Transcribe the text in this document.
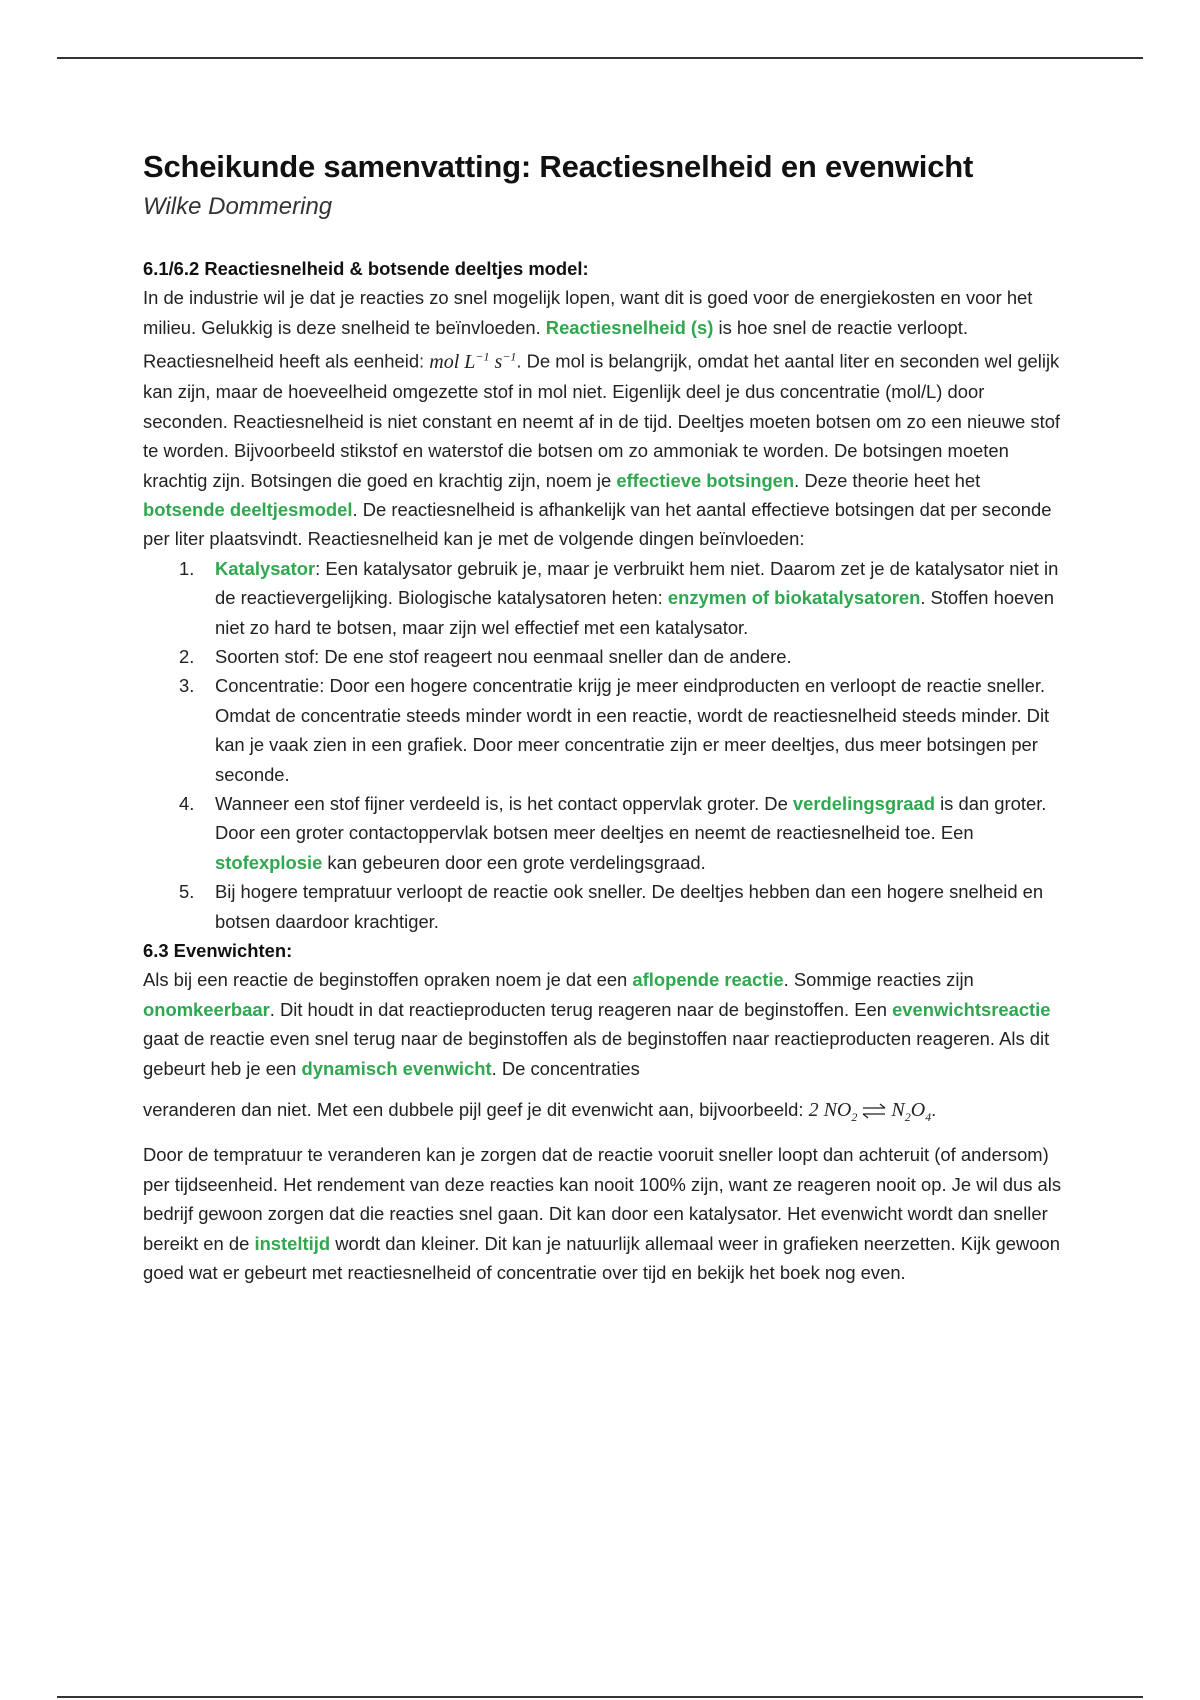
Scheikunde samenvatting: Reactiesnelheid en evenwicht
Wilke Dommering

6.1/6.2 Reactiesnelheid & botsende deeltjes model:

In de industrie wil je dat je reacties zo snel mogelijk lopen, want dit is goed voor de energiekosten en voor het milieu. Gelukkig is deze snelheid te beïnvloeden. Reactiesnelheid (s) is hoe snel de reactie verloopt. Reactiesnelheid heeft als eenheid: mol $L^{-1}$ $s^{-1}$. De mol is belangrijk, omdat het aantal liter en seconden wel gelijk kan zijn, maar de hoeveelheid omgezette stof in mol niet. Eigenlijk deel je dus concentratie (mol/L) door seconden. Reactiesnelheid is niet constant en neemt af in de tijd. Deeltjes moeten botsen om zo een nieuwe stof te worden. Bijvoorbeeld stikstof en waterstof die botsen om zo ammoniak te worden. De botsingen moeten krachtig zijn. Botsingen die goed en krachtig zijn, noem je effectieve botsingen. Deze theorie heet het botsende deeltjesmodel. De reactiesnelheid is afhankelijk van het aantal effectieve botsingen dat per seconde per liter plaatsvindt. Reactiesnelheid kan je met de volgende dingen beïnvloeden:

1. Katalysator: Een katalysator gebruik je, maar je verbruikt hem niet. Daarom zet je de katalysator niet in de reactievergelijking. Biologische katalysatoren heten: enzymen of biokatalysatoren. Stoffen hoeven niet zo hard te botsen, maar zijn wel effectief met een katalysator.
2. Soorten stof: De ene stof reageert nou eenmaal sneller dan de andere.
3. Concentratie: Door een hogere concentratie krijg je meer eindproducten en verloopt de reactie sneller. Omdat de concentratie steeds minder wordt in een reactie, wordt de reactiesnelheid steeds minder. Dit kan je vaak zien in een grafiek. Door meer concentratie zijn er meer deeltjes, dus meer botsingen per seconde.
4. Wanneer een stof fijner verdeeld is, is het contact oppervlak groter. De verdelingsgraad is dan groter. Door een groter contactoppervlak botsen meer deeltjes en neemt de reactiesnelheid toe. Een stofexplosie kan gebeuren door een grote verdelingsgraad.
5. Bij hogere tempratuur verloopt de reactie ook sneller. De deeltjes hebben dan een hogere snelheid en botsen daardoor krachtiger.

6.3 Evenwichten:

Als bij een reactie de beginstoffen opraken noem je dat een aflopende reactie. Sommige reacties zijn onomkeerbaar. Dit houdt in dat reactieproducten terug reageren naar de beginstoffen. Een evenwichtsreactie gaat de reactie even snel terug naar de beginstoffen als de beginstoffen naar reactieproducten reageren. Als dit gebeurt heb je een dynamisch evenwicht. De concentraties
veranderen dan niet. Met een dubbele pijl geef je dit evenwicht aan, bijvoorbeeld: 2 $NO_2$ ⇌ $N_2O_4$.

Door de tempratuur te veranderen kan je zorgen dat de reactie vooruit sneller loopt dan achteruit (of andersom) per tijdseenheid. Het rendement van deze reacties kan nooit 100% zijn, want ze reageren nooit op. Je wil dus als bedrijf gewoon zorgen dat die reacties snel gaan. Dit kan door een katalysator. Het evenwicht wordt dan sneller bereikt en de insteltijd wordt dan kleiner. Dit kan je natuurlijk allemaal weer in grafieken neerzetten. Kijk gewoon goed wat er gebeurt met reactiesnelheid of concentratie over tijd en bekijk het boek nog even.
